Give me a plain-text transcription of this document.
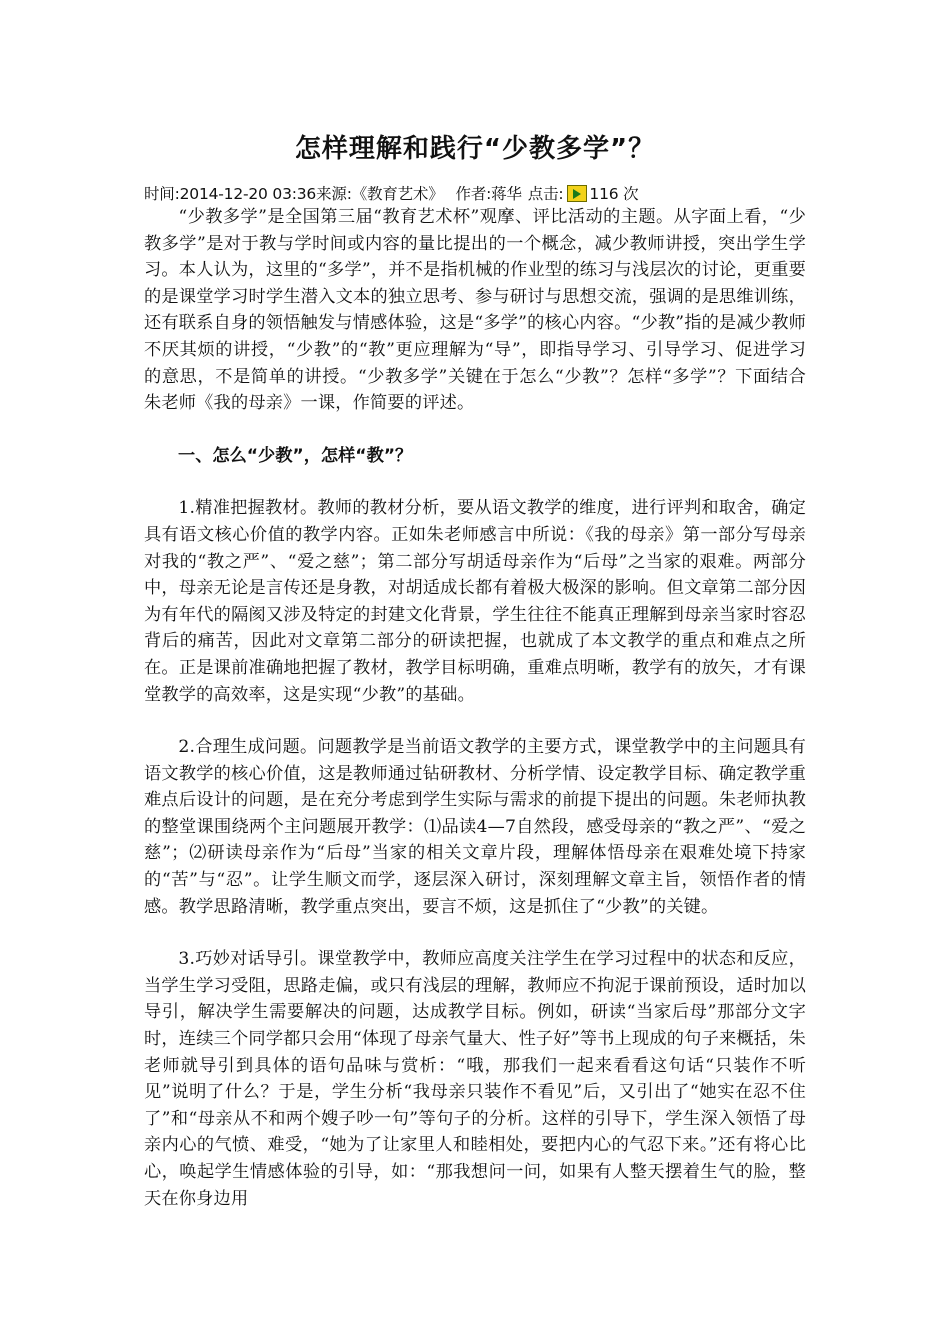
怎样理解和践行“少教多学”？
时间:2014-12-20 03:36来源:《教育艺术》 作者:蒋华 点击: 116 次

“少教多学”是全国第三届“教育艺术杯”观摩、评比活动的主题。从字面上看，“少教多学”是对于教与学时间或内容的量比提出的一个概念，减少教师讲授，突出学生学习。本人认为，这里的“多学”，并不是指机械的作业型的练习与浅层次的讨论，更重要的是课堂学习时学生潜入文本的独立思考、参与研讨与思想交流，强调的是思维训练，还有联系自身的领悟触发与情感体验，这是“多学”的核心内容。“少教”指的是减少教师不厌其烦的讲授，“少教”的“教”更应理解为“导”，即指导学习、引导学习、促进学习的意思，不是简单的讲授。“少教多学”关键在于怎么“少教”？怎样“多学”？下面结合朱老师《我的母亲》一课，作简要的评述。

一、怎么“少教”，怎样“教”？

1.精准把握教材。教师的教材分析，要从语文教学的维度，进行评判和取舍，确定具有语文核心价值的教学内容。正如朱老师感言中所说：《我的母亲》第一部分写母亲对我的“教之严”、“爱之慈”；第二部分写胡适母亲作为“后母”之当家的艰难。两部分中，母亲无论是言传还是身教，对胡适成长都有着极大极深的影响。但文章第二部分因为有年代的隔阂又涉及特定的封建文化背景，学生往往不能真正理解到母亲当家时容忍背后的痛苦，因此对文章第二部分的研读把握，也就成了本文教学的重点和难点之所在。正是课前准确地把握了教材，教学目标明确，重难点明晰，教学有的放矢，才有课堂教学的高效率，这是实现“少教”的基础。

2.合理生成问题。问题教学是当前语文教学的主要方式，课堂教学中的主问题具有语文教学的核心价值，这是教师通过钻研教材、分析学情、设定教学目标、确定教学重难点后设计的问题，是在充分考虑到学生实际与需求的前提下提出的问题。朱老师执教的整堂课围绕两个主问题展开教学：⑴品读4—7自然段，感受母亲的“教之严”、“爱之慈”；⑵研读母亲作为“后母”当家的相关文章片段，理解体悟母亲在艰难处境下持家的“苦”与“忍”。让学生顺文而学，逐层深入研讨，深刻理解文章主旨，领悟作者的情感。教学思路清晰，教学重点突出，要言不烦，这是抓住了“少教”的关键。

3.巧妙对话导引。课堂教学中，教师应高度关注学生在学习过程中的状态和反应，当学生学习受阻，思路走偏，或只有浅层的理解，教师应不拘泥于课前预设，适时加以导引，解决学生需要解决的问题，达成教学目标。例如，研读“当家后母”那部分文字时，连续三个同学都只会用“体现了母亲气量大、性子好”等书上现成的句子来概括，朱老师就导引到具体的语句品味与赏析：“哦，那我们一起来看看这句话“只装作不听见”说明了什么？于是，学生分析“我母亲只装作不看见”后，又引出了“她实在忍不住了”和“母亲从不和两个嫂子吵一句”等句子的分析。这样的引导下，学生深入领悟了母亲内心的气愤、难受，“她为了让家里人和睦相处，要把内心的气忍下来。”还有将心比心，唤起学生情感体验的引导，如：“那我想问一问，如果有人整天摆着生气的脸，整天在你身边用
